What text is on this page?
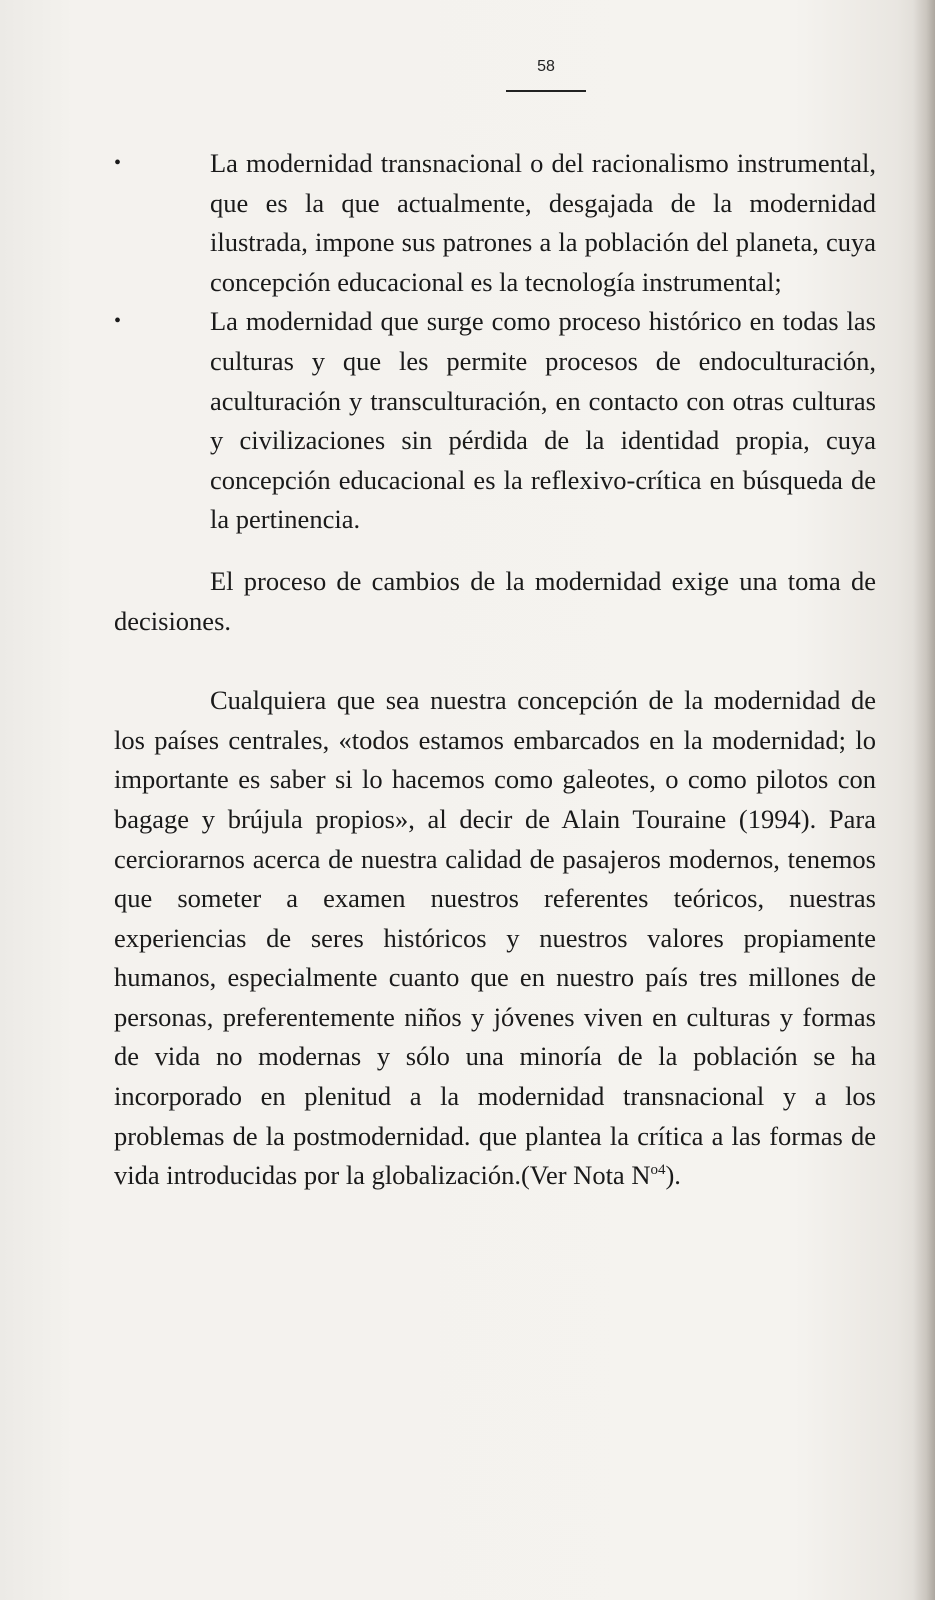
58
•	La modernidad transnacional o del racionalismo instrumental, que es la que actualmente, desgajada de la modernidad ilustrada, impone sus patrones a la población del planeta, cuya concepción educacional es la tecnología instrumental;
•	La modernidad que surge como proceso histórico en todas las culturas y que les permite procesos de endoculturación, aculturación y transculturación, en contacto con otras culturas y civilizaciones sin pérdida de la identidad propia, cuya concepción educacional es la reflexivo-crítica en búsqueda de la pertinencia.

El proceso de cambios de la modernidad exige una toma de decisiones.

Cualquiera que sea nuestra concepción de la modernidad de los países centrales, «todos estamos embarcados en la modernidad; lo importante es saber si lo hacemos como galeotes, o como pilotos con bagage y brújula propios», al decir de Alain Touraine (1994). Para cerciorarnos acerca de nuestra calidad de pasajeros modernos, tenemos que someter a examen nuestros referentes teóricos, nuestras experiencias de seres históricos y nuestros valores propiamente humanos, especialmente cuanto que en nuestro país tres millones de personas, preferentemente niños y jóvenes viven en culturas y formas de vida no modernas y sólo una minoría de la población se ha incorporado en plenitud a la modernidad transnacional y a los problemas de la postmodernidad. que plantea la crítica a las formas de vida introducidas por la globalización.(Ver Nota $N^{o4}$).
